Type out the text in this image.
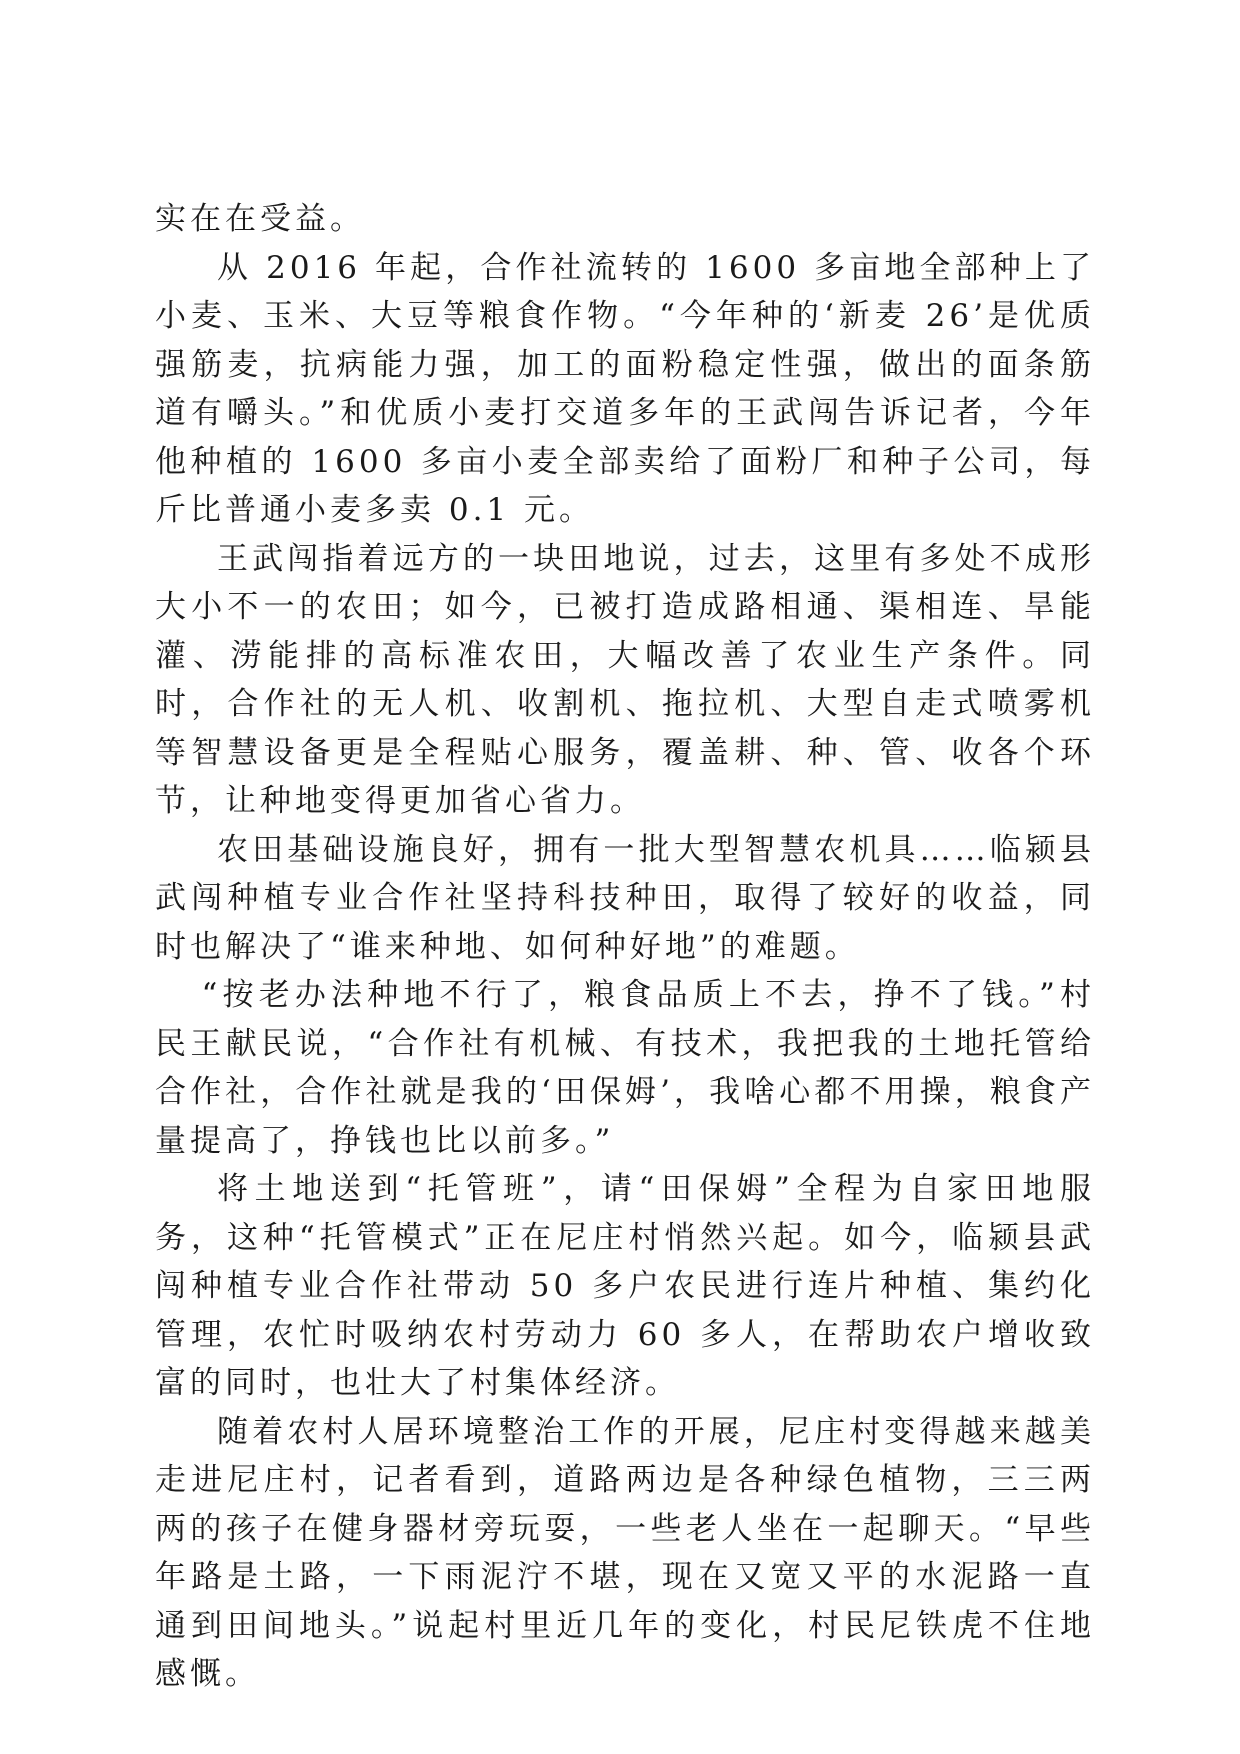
实在在受益。

从 2016 年起，合作社流转的 1600 多亩地全部种上了小麦、玉米、大豆等粮食作物。“今年种的‘新麦 26’是优质强筋麦，抗病能力强，加工的面粉稳定性强，做出的面条筋道有嚼头。”和优质小麦打交道多年的王武闯告诉记者，今年他种植的 1600 多亩小麦全部卖给了面粉厂和种子公司，每斤比普通小麦多卖 0.1 元。

王武闯指着远方的一块田地说，过去，这里有多处不成形大小不一的农田；如今，已被打造成路相通、渠相连、旱能灌、涝能排的高标准农田，大幅改善了农业生产条件。同时，合作社的无人机、收割机、拖拉机、大型自走式喷雾机等智慧设备更是全程贴心服务，覆盖耕、种、管、收各个环节，让种地变得更加省心省力。

农田基础设施良好，拥有一批大型智慧农机具……临颍县武闯种植专业合作社坚持科技种田，取得了较好的收益，同时也解决了“谁来种地、如何种好地”的难题。

“按老办法种地不行了，粮食品质上不去，挣不了钱。”村民王献民说，“合作社有机械、有技术，我把我的土地托管给合作社，合作社就是我的‘田保姆’，我啥心都不用操，粮食产量提高了，挣钱也比以前多。”

将土地送到“托管班”，请“田保姆”全程为自家田地服务，这种“托管模式”正在尼庄村悄然兴起。如今，临颍县武闯种植专业合作社带动 50 多户农民进行连片种植、集约化管理，农忙时吸纳农村劳动力 60 多人，在帮助农户增收致富的同时，也壮大了村集体经济。

随着农村人居环境整治工作的开展，尼庄村变得越来越美走进尼庄村，记者看到，道路两边是各种绿色植物，三三两两的孩子在健身器材旁玩耍，一些老人坐在一起聊天。“早些年路是土路，一下雨泥泞不堪，现在又宽又平的水泥路一直通到田间地头。”说起村里近几年的变化，村民尼铁虎不住地感慨。
